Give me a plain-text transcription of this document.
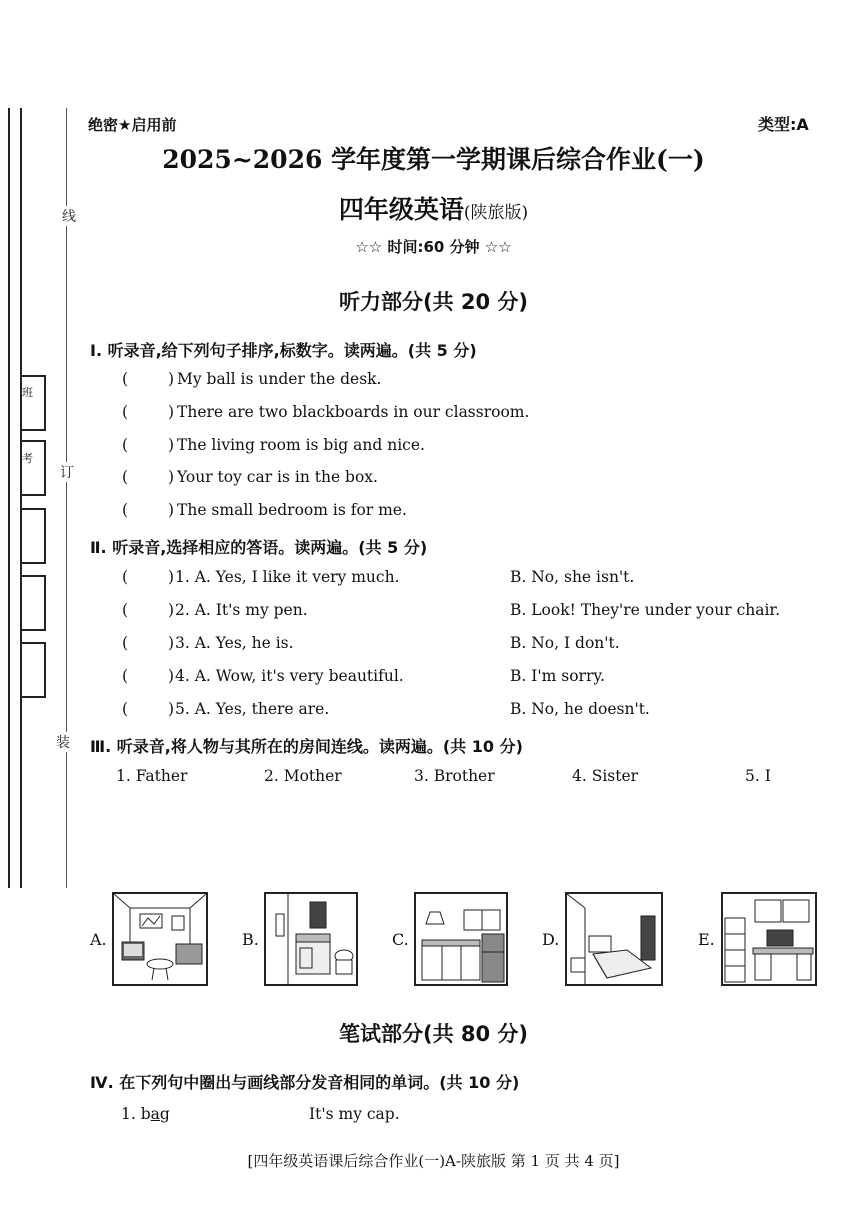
班
考
线
订
装
绝密★启用前	类型:A
2025~2026 学年度第一学期课后综合作业(一)
四年级英语(陕旅版)
☆☆ 时间:60 分钟 ☆☆
听力部分(共 20 分)
Ⅰ. 听录音,给下列句子排序,标数字。读两遍。(共 5 分)
(	) My ball is under the desk.
(	) There are two blackboards in our classroom.
(	) The living room is big and nice.
(	) Your toy car is in the box.
(	) The small bedroom is for me.
Ⅱ. 听录音,选择相应的答语。读两遍。(共 5 分)
(	) 1. A. Yes, I like it very much.	B. No, she isn't.
(	) 2. A. It's my pen.	B. Look! They're under your chair.
(	) 3. A. Yes, he is.	B. No, I don't.
(	) 4. A. Wow, it's very beautiful.	B. I'm sorry.
(	) 5. A. Yes, there are.	B. No, he doesn't.
Ⅲ. 听录音,将人物与其所在的房间连线。读两遍。(共 10 分)
1. Father	2. Mother	3. Brother	4. Sister	5. I
A.	B.	C.	D.	E.
笔试部分(共 80 分)
Ⅳ. 在下列句中圈出与画线部分发音相同的单词。(共 10 分)
1. bag	It's my cap.
[四年级英语课后综合作业(一)A-陕旅版 第 1 页 共 4 页]
